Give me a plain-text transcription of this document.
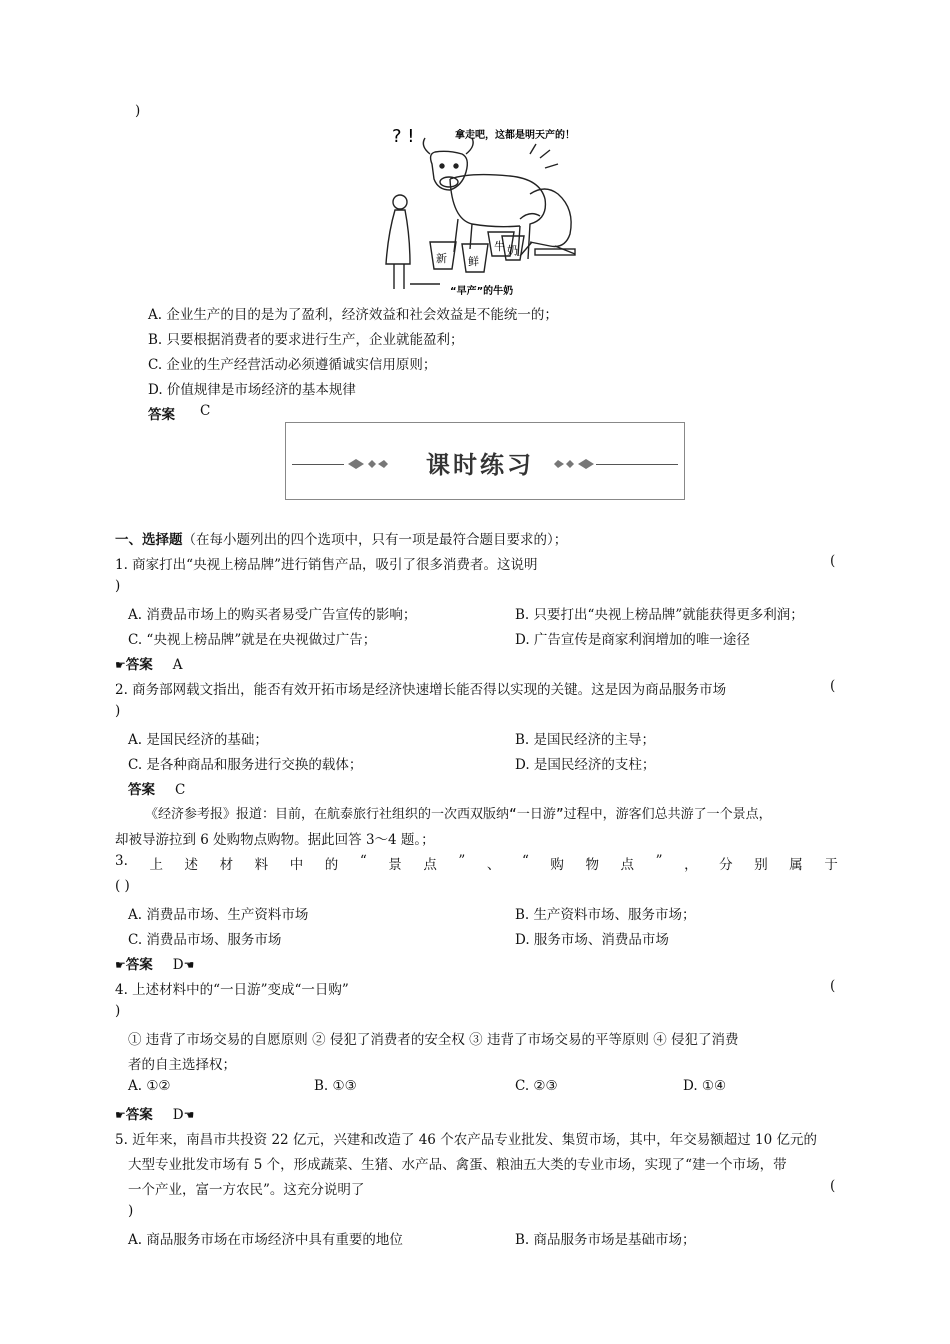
)
? !	拿走吧，这都是明天产的！
新 鲜
牛 奶
“早产”的牛奶
A. 企业生产的目的是为了盈利，经济效益和社会效益是不能统一的；
B. 只要根据消费者的要求进行生产，企业就能盈利；
C. 企业的生产经营活动必须遵循诚实信用原则；
D. 价值规律是市场经济的基本规律
答案 C
课时练习
一、选择题（在每小题列出的四个选项中，只有一项是最符合题目要求的）；
1. 商家打出“央视上榜品牌”进行销售产品，吸引了很多消费者。这说明	(
)
A. 消费品市场上的购买者易受广告宣传的影响；	B. 只要打出“央视上榜品牌”就能获得更多利润；
C. “央视上榜品牌”就是在央视做过广告；	D. 广告宣传是商家利润增加的唯一途径
☛答案 A
2. 商务部网载文指出，能否有效开拓市场是经济快速增长能否得以实现的关键。这是因为商品服务市场	(
)
A. 是国民经济的基础；	B. 是国民经济的主导；
C. 是各种商品和服务进行交换的载体；	D. 是国民经济的支柱；
答案 C
《经济参考报》报道：目前，在航泰旅行社组织的一次西双版纳“一日游”过程中，游客们总共游了一个景点，
却被导游拉到 6 处购物点购物。据此回答 3～4 题。；
3. 上 述 材 料 中 的 “ 景 点 ” 、 “ 购 物 点 ” ， 分 别 属 于
( )
A. 消费品市场、生产资料市场	B. 生产资料市场、服务市场；
C. 消费品市场、服务市场	D. 服务市场、消费品市场
☛答案 D☚
4. 上述材料中的“一日游”变成“一日购”	(
)
① 违背了市场交易的自愿原则 ② 侵犯了消费者的安全权 ③ 违背了市场交易的平等原则 ④ 侵犯了消费
者的自主选择权；
A. ①②	B. ①③	C. ②③	D. ①④
☛答案 D☚
5. 近年来，南昌市共投资 22 亿元，兴建和改造了 46 个农产品专业批发、集贸市场，其中，年交易额超过 10 亿元的
大型专业批发市场有 5 个，形成蔬菜、生猪、水产品、禽蛋、粮油五大类的专业市场，实现了“建一个市场，带
一个产业，富一方农民”。这充分说明了	(
)
A. 商品服务市场在市场经济中具有重要的地位	B. 商品服务市场是基础市场；
